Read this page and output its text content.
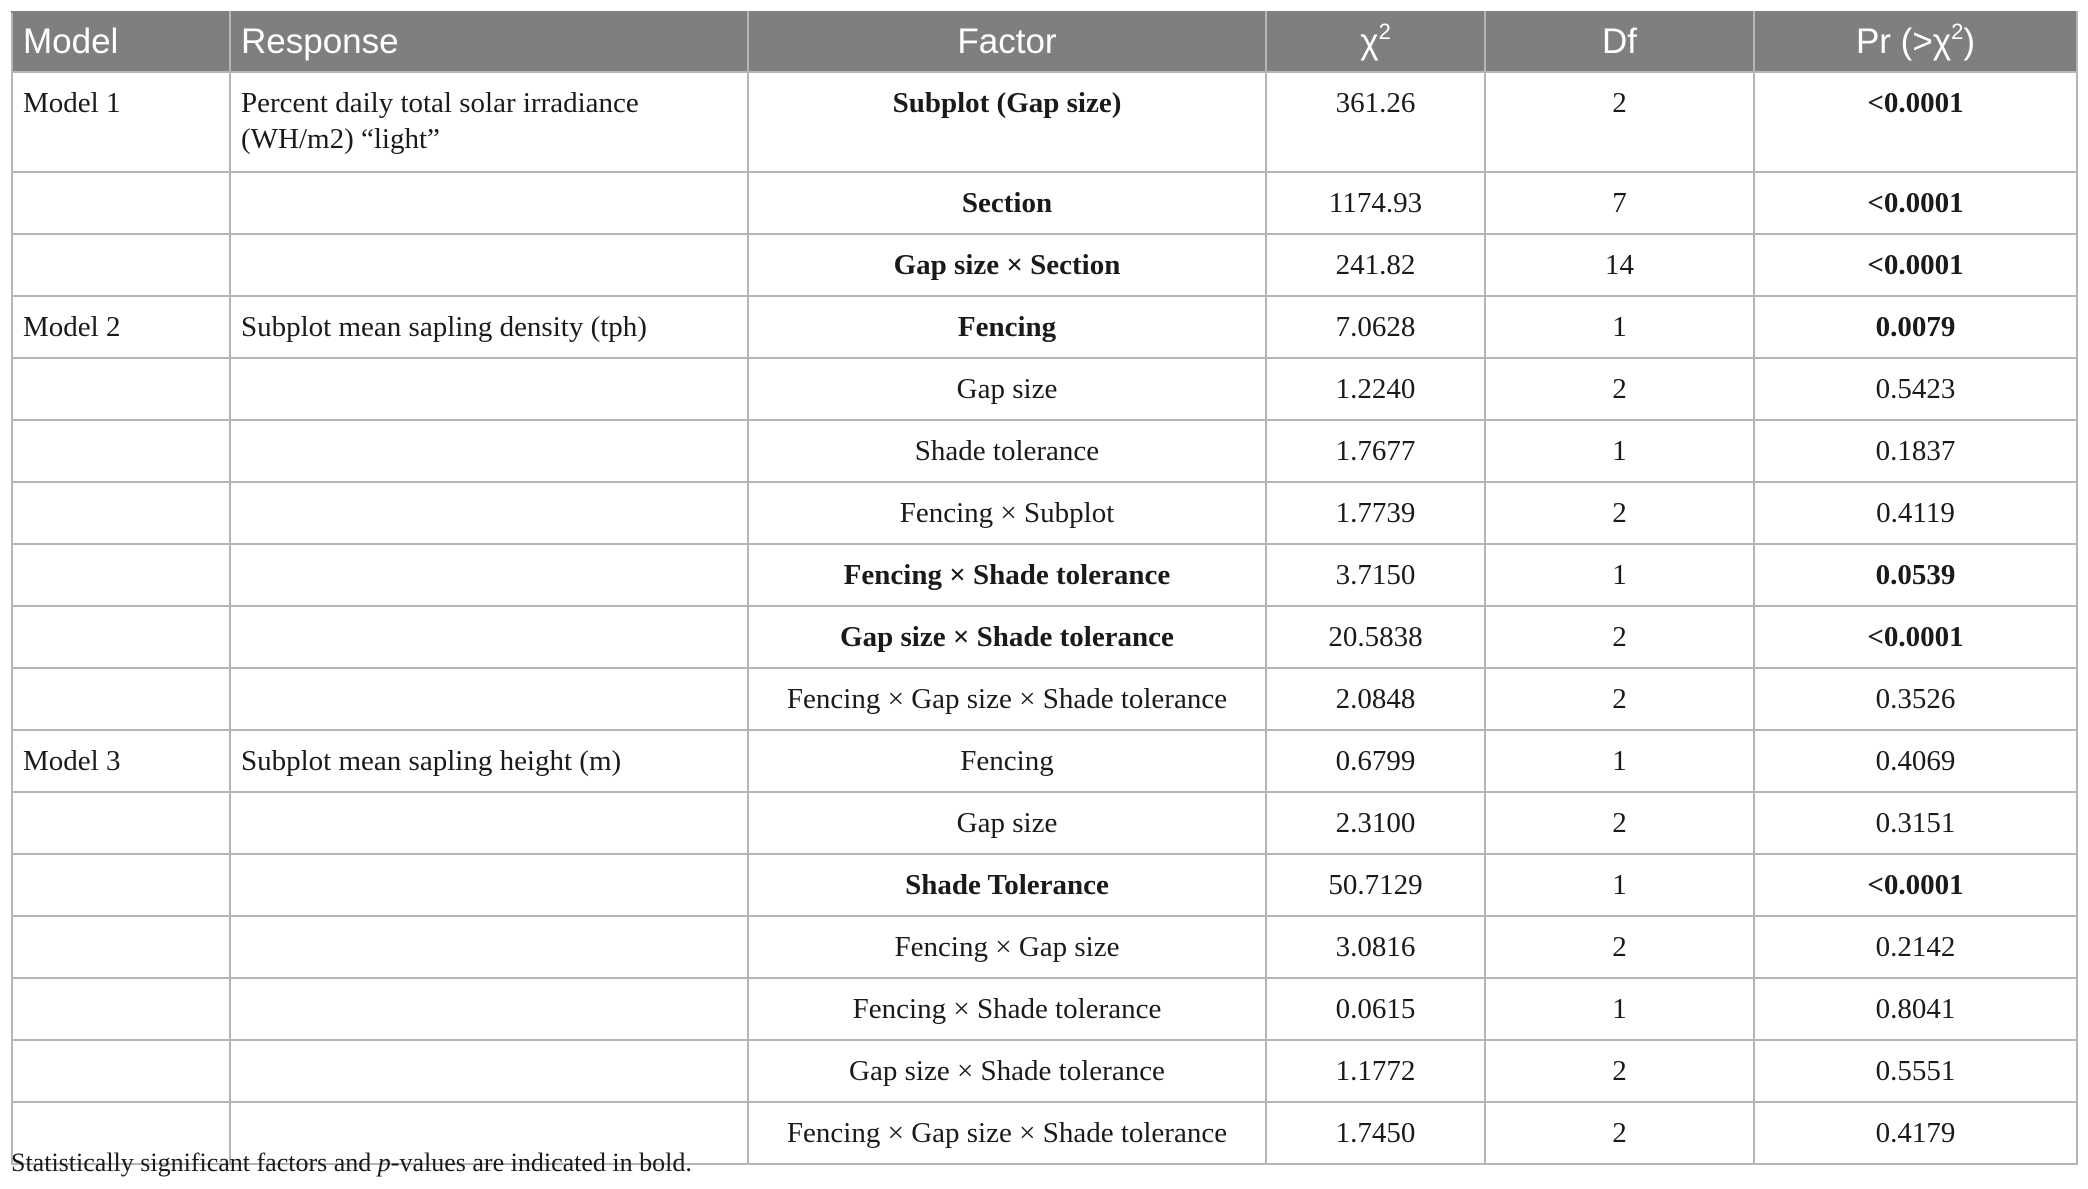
Model	Response	Factor	$\chi^2$	Df	Pr $(>\chi^2)$
Model 1	Percent daily total solar irradiance (WH/m2) “light”	Subplot (Gap size)	361.26	2	<0.0001
		Section	1174.93	7	<0.0001
		Gap size × Section	241.82	14	<0.0001
Model 2	Subplot mean sapling density (tph)	Fencing	7.0628	1	0.0079
		Gap size	1.2240	2	0.5423
		Shade tolerance	1.7677	1	0.1837
		Fencing × Subplot	1.7739	2	0.4119
		Fencing × Shade tolerance	3.7150	1	0.0539
		Gap size × Shade tolerance	20.5838	2	<0.0001
		Fencing × Gap size × Shade tolerance	2.0848	2	0.3526
Model 3	Subplot mean sapling height (m)	Fencing	0.6799	1	0.4069
		Gap size	2.3100	2	0.3151
		Shade Tolerance	50.7129	1	<0.0001
		Fencing × Gap size	3.0816	2	0.2142
		Fencing × Shade tolerance	0.0615	1	0.8041
		Gap size × Shade tolerance	1.1772	2	0.5551
		Fencing × Gap size × Shade tolerance	1.7450	2	0.4179
Statistically significant factors and p-values are indicated in bold.
